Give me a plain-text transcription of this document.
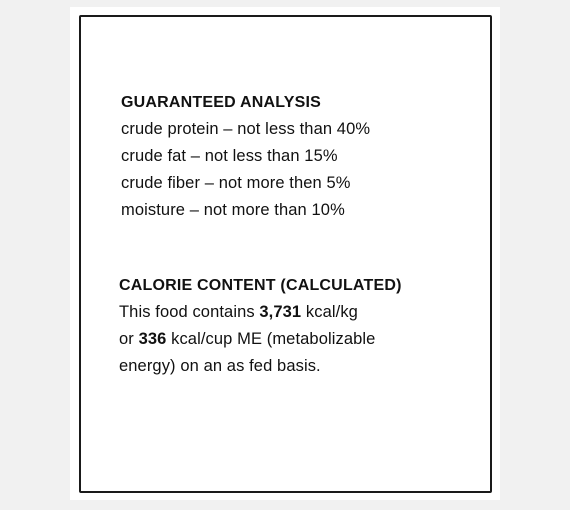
GUARANTEED ANALYSIS
crude protein – not less than 40%
crude fat – not less than 15%
crude fiber – not more then 5%
moisture – not more than 10%
CALORIE CONTENT (CALCULATED)
This food contains 3,731 kcal/kg
or 336 kcal/cup ME (metabolizable
energy) on an as fed basis.
